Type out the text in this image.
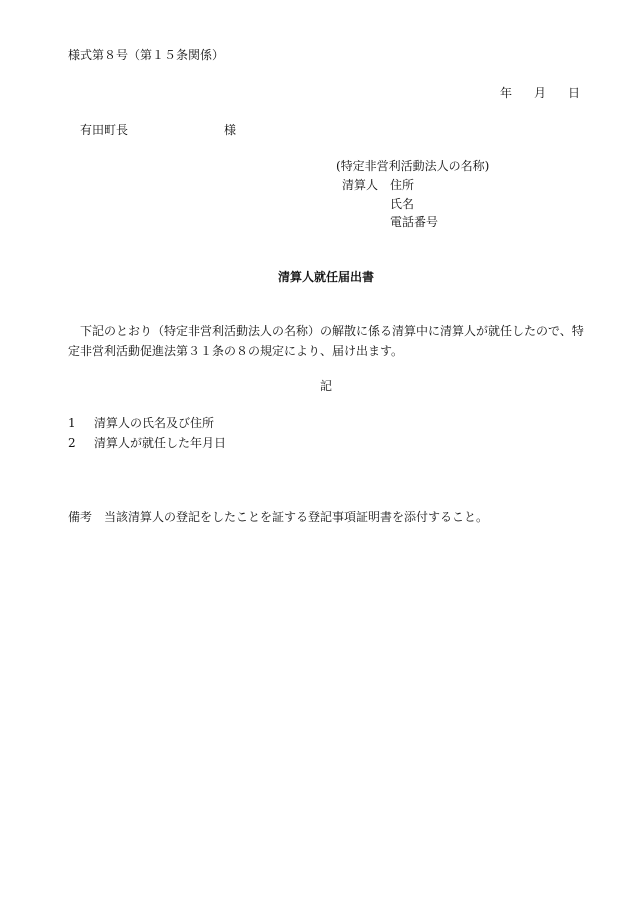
様式第８号（第１５条関係）
年 月 日
有田町長	様
(特定非営利活動法人の名称)
清算人 住所
氏名
電話番号
清算人就任届出書
下記のとおり（特定非営利活動法人の名称）の解散に係る清算中に清算人が就任したので、特定非営利活動促進法第３１条の８の規定により、届け出ます。
記
1 清算人の氏名及び住所
2 清算人が就任した年月日
備考 当該清算人の登記をしたことを証する登記事項証明書を添付すること。
